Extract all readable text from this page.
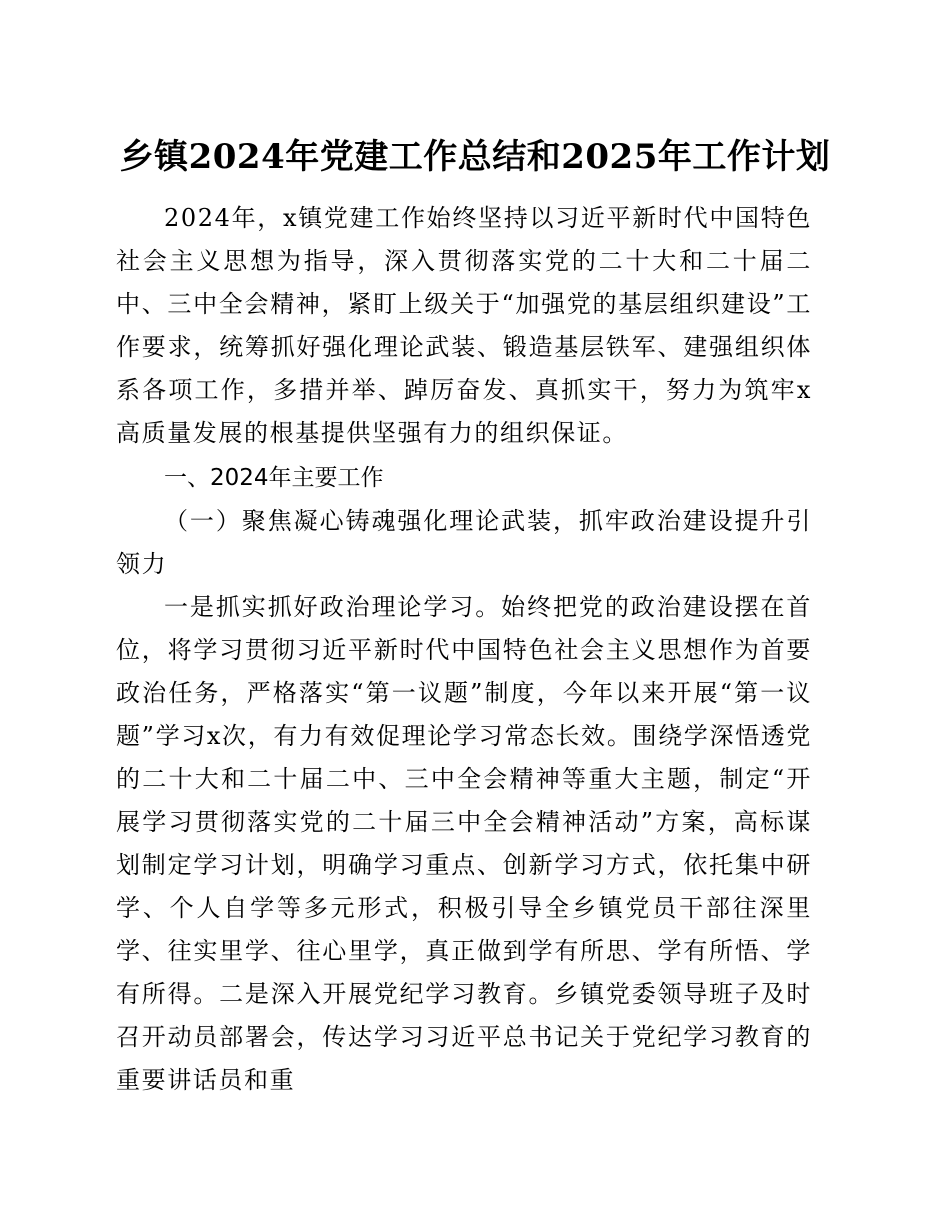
乡镇2024年党建工作总结和2025年工作计划
2024年，x镇党建工作始终坚持以习近平新时代中国特色社会主义思想为指导，深入贯彻落实党的二十大和二十届二中、三中全会精神，紧盯上级关于“加强党的基层组织建设”工作要求，统筹抓好强化理论武装、锻造基层铁军、建强组织体系各项工作，多措并举、踔厉奋发、真抓实干，努力为筑牢x高质量发展的根基提供坚强有力的组织保证。
一、2024年主要工作
（一）聚焦凝心铸魂强化理论武装，抓牢政治建设提升引领力
一是抓实抓好政治理论学习。始终把党的政治建设摆在首位，将学习贯彻习近平新时代中国特色社会主义思想作为首要政治任务，严格落实“第一议题”制度，今年以来开展“第一议题”学习x次，有力有效促理论学习常态长效。围绕学深悟透党的二十大和二十届二中、三中全会精神等重大主题，制定“开展学习贯彻落实党的二十届三中全会精神活动”方案，高标谋划制定学习计划，明确学习重点、创新学习方式，依托集中研学、个人自学等多元形式，积极引导全乡镇党员干部往深里学、往实里学、往心里学，真正做到学有所思、学有所悟、学有所得。二是深入开展党纪学习教育。乡镇党委领导班子及时召开动员部署会，传达学习习近平总书记关于党纪学习教育的重要讲话员和重
